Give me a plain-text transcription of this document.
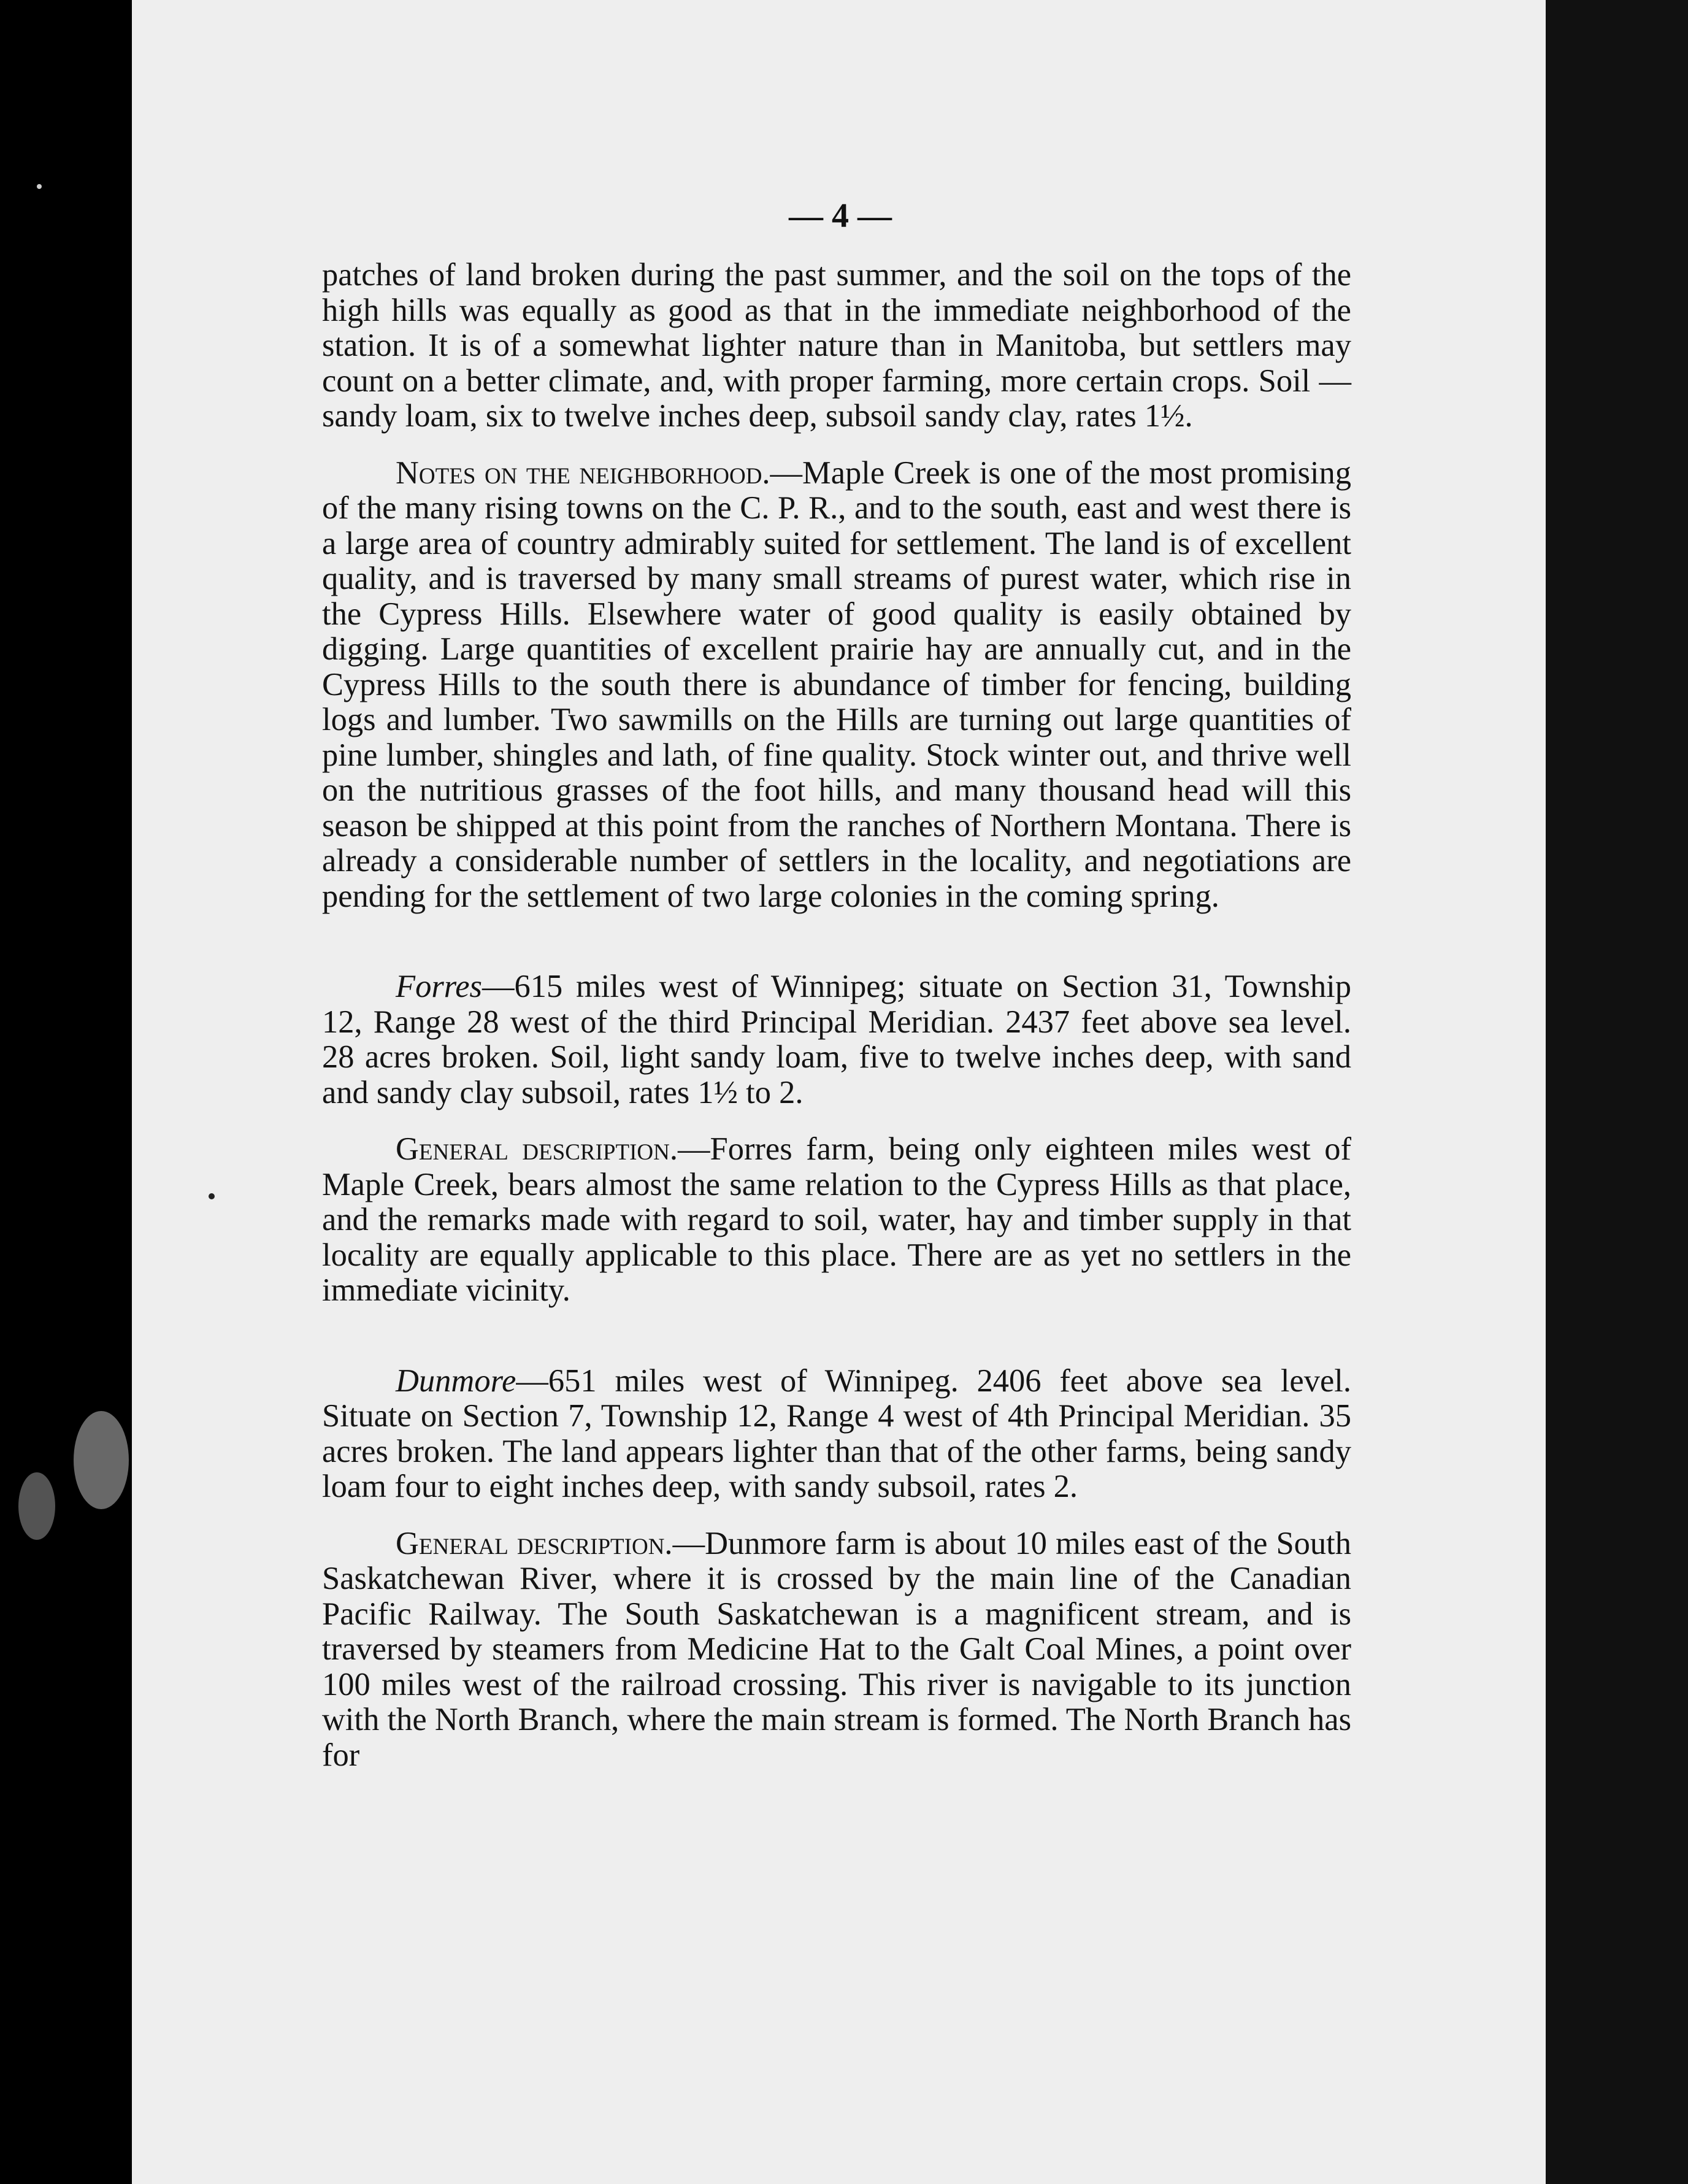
— 4 —

patches of land broken during the past summer, and the soil on the tops of the high hills was equally as good as that in the immediate neighborhood of the station. It is of a somewhat lighter nature than in Manitoba, but settlers may count on a better climate, and, with proper farming, more certain crops. Soil —sandy loam, six to twelve inches deep, subsoil sandy clay, rates 1½.

Notes on the neighborhood.—Maple Creek is one of the most promising of the many rising towns on the C. P. R., and to the south, east and west there is a large area of country admirably suited for settlement. The land is of excellent quality, and is traversed by many small streams of purest water, which rise in the Cypress Hills. Elsewhere water of good quality is easily obtained by digging. Large quantities of excellent prairie hay are annually cut, and in the Cypress Hills to the south there is abundance of timber for fencing, building logs and lumber. Two sawmills on the Hills are turning out large quantities of pine lumber, shingles and lath, of fine quality. Stock winter out, and thrive well on the nutritious grasses of the foot hills, and many thousand head will this season be shipped at this point from the ranches of Northern Montana. There is already a considerable number of settlers in the locality, and negotiations are pending for the settlement of two large colonies in the coming spring.

Forres—615 miles west of Winnipeg; situate on Section 31, Township 12, Range 28 west of the third Principal Meridian. 2437 feet above sea level. 28 acres broken. Soil, light sandy loam, five to twelve inches deep, with sand and sandy clay subsoil, rates 1½ to 2.

General description.—Forres farm, being only eighteen miles west of Maple Creek, bears almost the same relation to the Cypress Hills as that place, and the remarks made with regard to soil, water, hay and timber supply in that locality are equally applicable to this place. There are as yet no settlers in the immediate vicinity.

Dunmore—651 miles west of Winnipeg. 2406 feet above sea level. Situate on Section 7, Township 12, Range 4 west of 4th Principal Meridian. 35 acres broken. The land appears lighter than that of the other farms, being sandy loam four to eight inches deep, with sandy subsoil, rates 2.

General description.—Dunmore farm is about 10 miles east of the South Saskatchewan River, where it is crossed by the main line of the Canadian Pacific Railway. The South Saskatchewan is a magnificent stream, and is traversed by steamers from Medicine Hat to the Galt Coal Mines, a point over 100 miles west of the railroad crossing. This river is navigable to its junction with the North Branch, where the main stream is formed. The North Branch has for
